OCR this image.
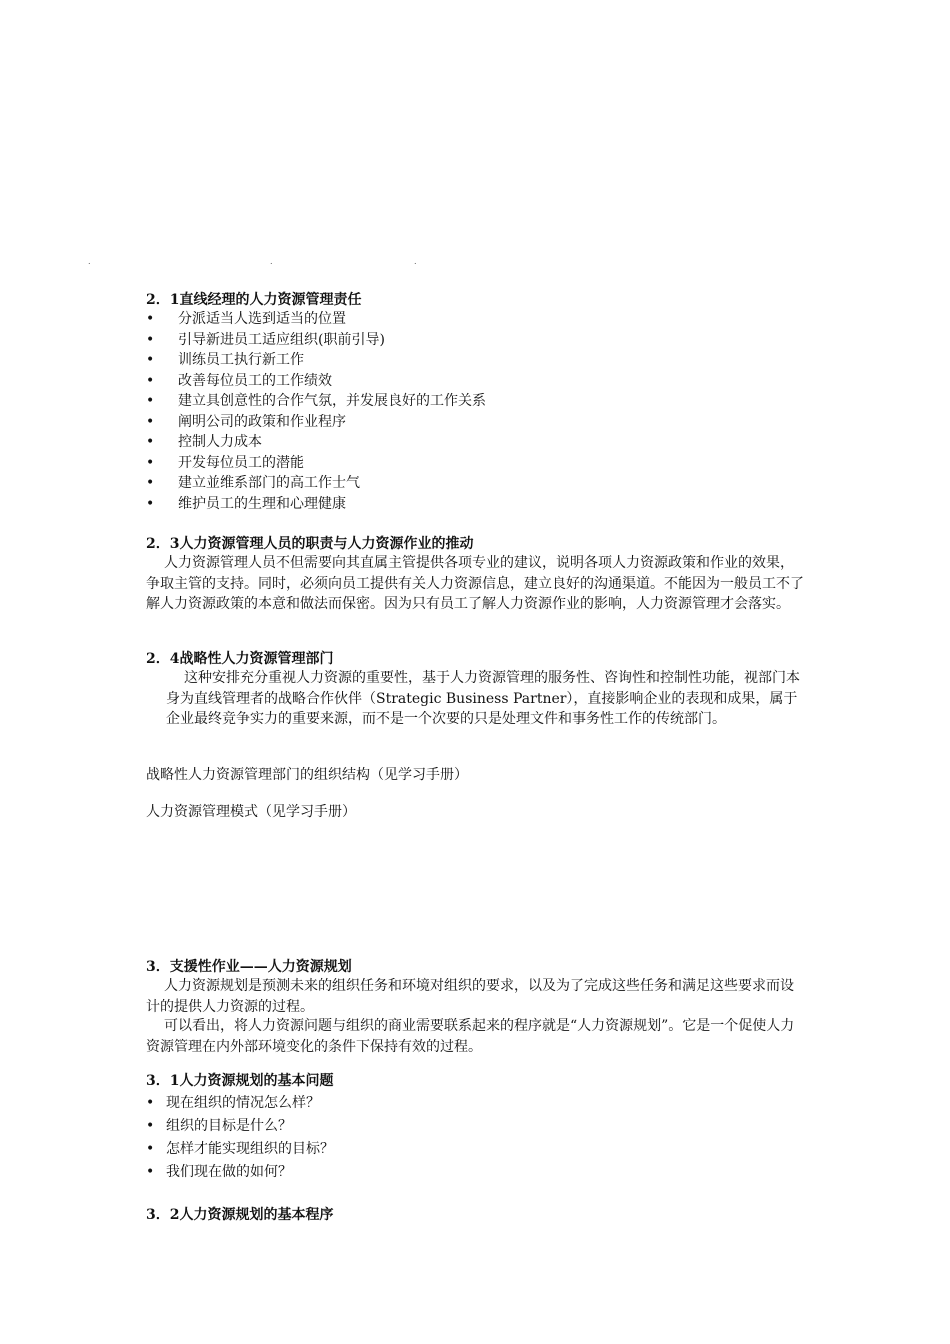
.	.	.
2．1直线经理的人力资源管理责任
• 分派适当人选到适当的位置
• 引导新进员工适应组织(职前引导)
• 训练员工执行新工作
• 改善每位员工的工作绩效
• 建立具创意性的合作气氛，并发展良好的工作关系
• 阐明公司的政策和作业程序
• 控制人力成本
• 开发每位员工的潜能
• 建立並维系部门的高工作士气
• 维护员工的生理和心理健康
2．3人力资源管理人员的职责与人力资源作业的推动
人力资源管理人员不但需要向其直属主管提供各项专业的建议，说明各项人力资源政策和作业的效果，争取主管的支持。同时，必须向员工提供有关人力资源信息，建立良好的沟通渠道。不能因为一般员工不了解人力资源政策的本意和做法而保密。因为只有员工了解人力资源作业的影响，人力资源管理才会落实。
2．4战略性人力资源管理部门
这种安排充分重视人力资源的重要性，基于人力资源管理的服务性、咨询性和控制性功能，视部门本身为直线管理者的战略合作伙伴（Strategic Business Partner），直接影响企业的表现和成果，属于企业最终竞争实力的重要来源，而不是一个次要的只是处理文件和事务性工作的传统部门。
战略性人力资源管理部门的组织结构（见学习手册）
人力资源管理模式（见学习手册）
3．支援性作业——人力资源规划
人力资源规划是预测未来的组织任务和环境对组织的要求，以及为了完成这些任务和满足这些要求而设计的提供人力资源的过程。
可以看出，将人力资源问题与组织的商业需要联系起来的程序就是“人力资源规划”。它是一个促使人力资源管理在内外部环境变化的条件下保持有效的过程。
3．1人力资源规划的基本问题
• 现在组织的情况怎么样？
• 组织的目标是什么？
• 怎样才能实现组织的目标？
• 我们现在做的如何？
3．2人力资源规划的基本程序
